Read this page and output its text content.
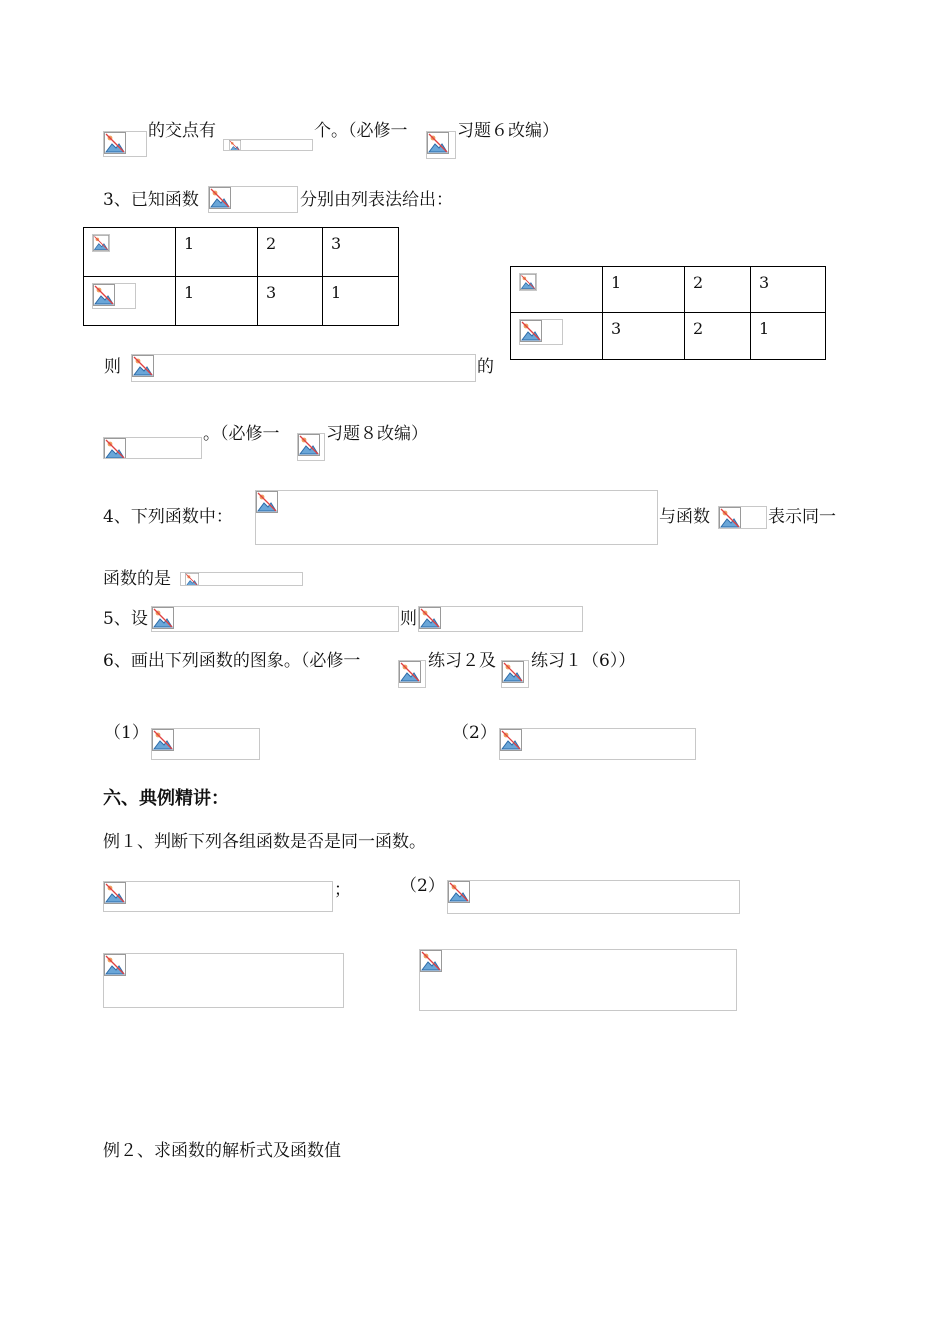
的交点有	个。（必修一	习题６改编）
3、已知函数	分别由列表法给出：
	1	2	3

	1	3	1
	1	2	3

	3	2	1
则	的
。（必修一	习题８改编）
4、下列函数中：	与函数	表示同一
函数的是
5、设	则
6、画出下列函数的图象。（必修一	练习２及 练习１（6））
（1）	（2）
六、典例精讲：
例１、判断下列各组函数是否是同一函数。
；	（2）
例２、求函数的解析式及函数值
